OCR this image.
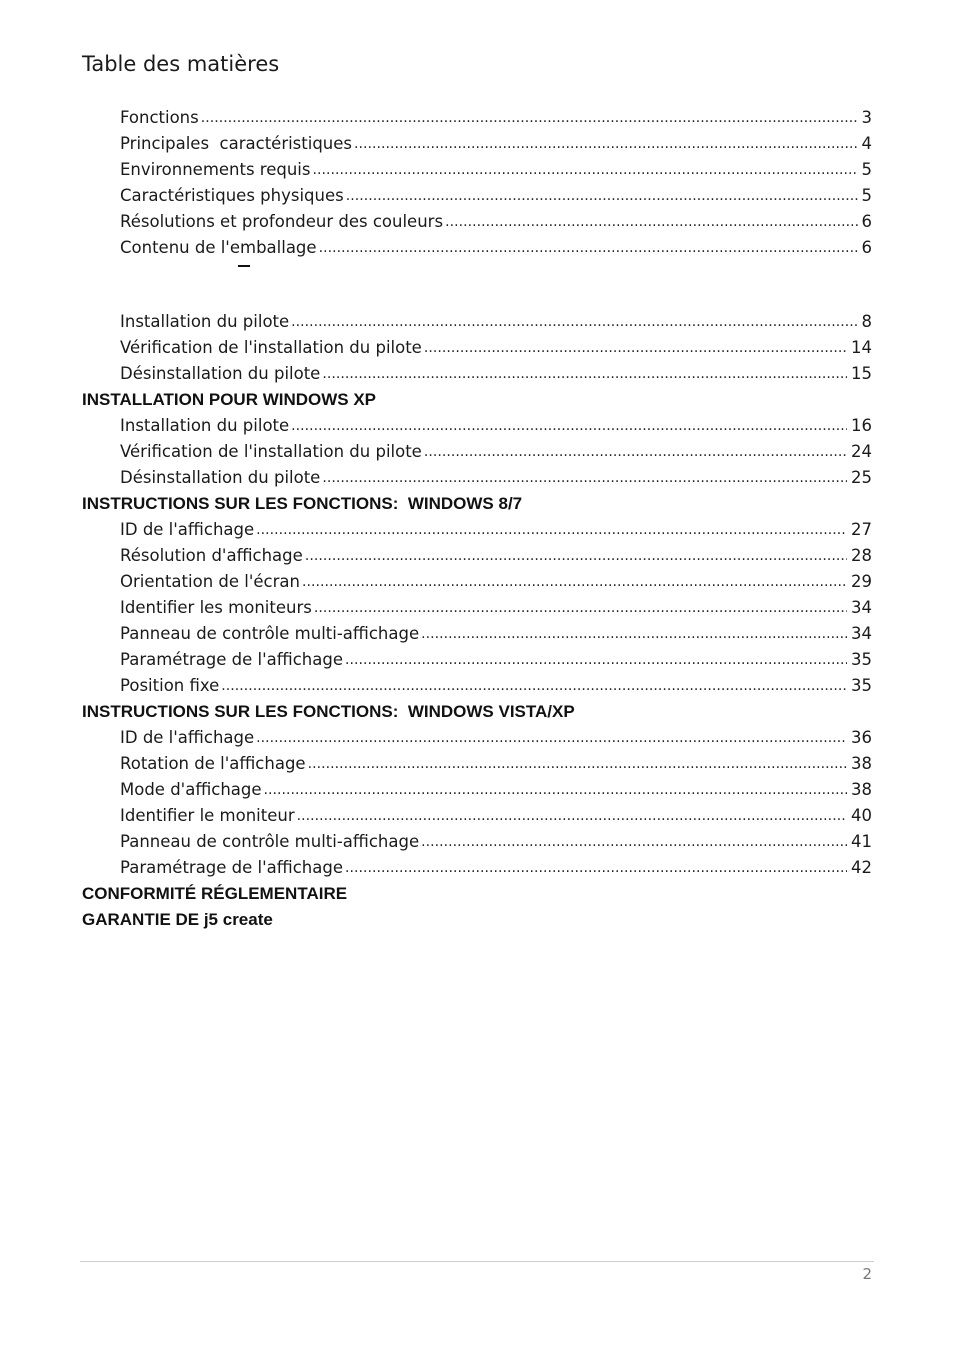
Table des matières
Fonctions . . .	3
Principales  caractéristiques . . .	4
Environnements requis . . .	5
Caractéristiques physiques . . .	5
Résolutions et profondeur des couleurs . . .	6
Contenu de l'emballage . . .	6
Installation du pilote . . .	8
Vérification de l'installation du pilote . . .	14
Désinstallation du pilote . . .	15
INSTALLATION POUR WINDOWS XP
Installation du pilote . . .	16
Vérification de l'installation du pilote . . .	24
Désinstallation du pilote . . .	25
INSTRUCTIONS SUR LES FONCTIONS:  WINDOWS 8/7
ID de l'affichage . . .	27
Résolution d'affichage . . .	28
Orientation de l'écran . . .	29
Identifier les moniteurs . . .	34
Panneau de contrôle multi-affichage . . .	34
Paramétrage de l'affichage . . .	35
Position fixe . . .	35
INSTRUCTIONS SUR LES FONCTIONS:  WINDOWS VISTA/XP
ID de l'affichage . . .	36
Rotation de l'affichage . . .	38
Mode d'affichage . . .	38
Identifier le moniteur . . .	40
Panneau de contrôle multi-affichage . . .	41
Paramétrage de l'affichage . . .	42
CONFORMITÉ RÉGLEMENTAIRE
GARANTIE DE j5 create
2
